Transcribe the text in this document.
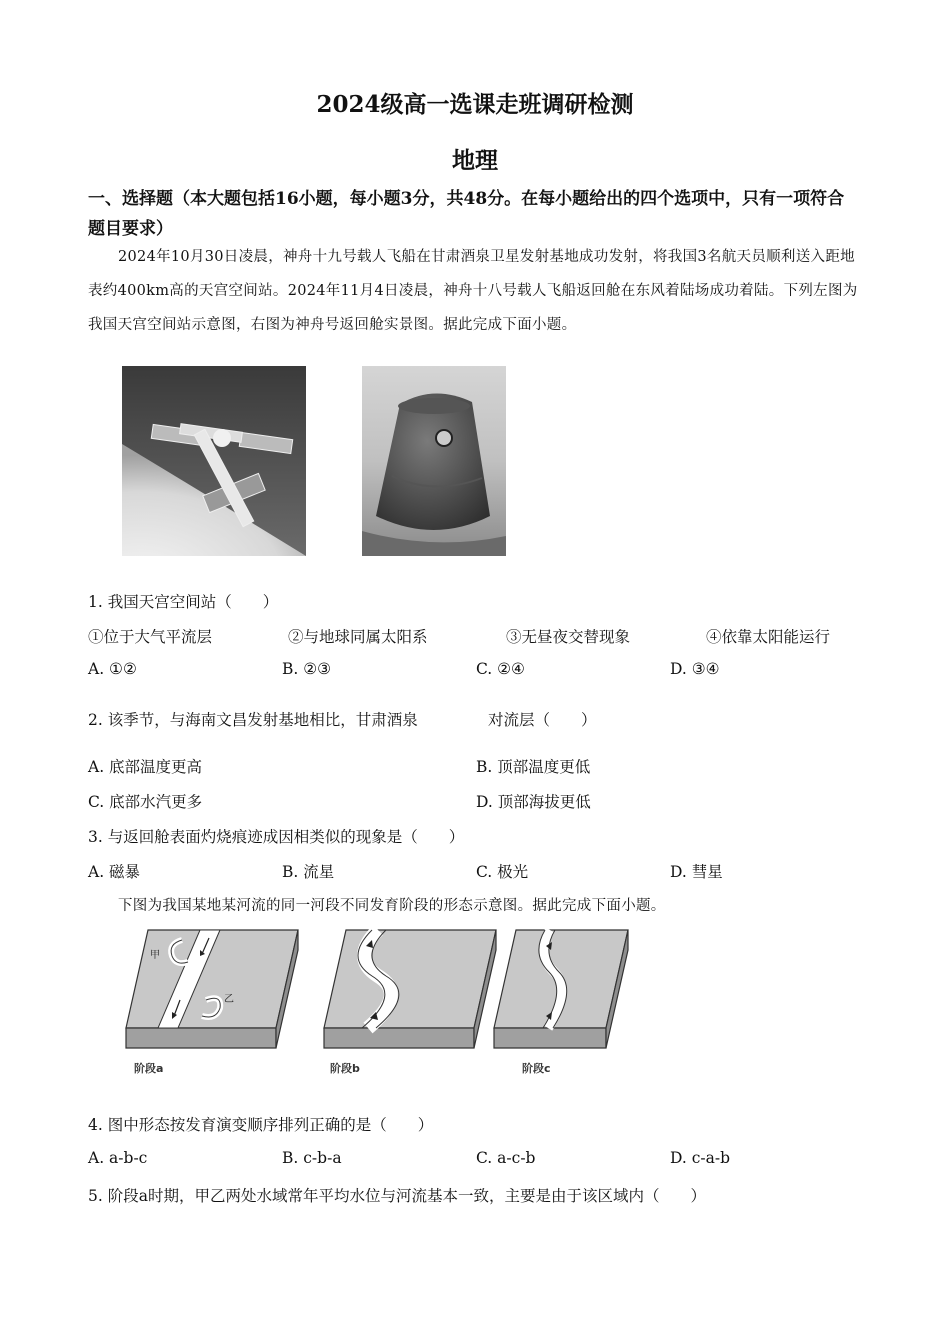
2024级高一选课走班调研检测
地理
一、选择题（本大题包括16小题，每小题3分，共48分。在每小题给出的四个选项中，只有一项符合题目要求）
2024年10月30日凌晨，神舟十九号载人飞船在甘肃酒泉卫星发射基地成功发射，将我国3名航天员顺利送入距地表约400km高的天宫空间站。2024年11月4日凌晨，神舟十八号载人飞船返回舱在东风着陆场成功着陆。下列左图为我国天宫空间站示意图，右图为神舟号返回舱实景图。据此完成下面小题。
1. 我国天宫空间站（　　）
①位于大气平流层	②与地球同属太阳系	③无昼夜交替现象	④依靠太阳能运行
A. ①②	B. ②③	C. ②④	D. ③④
2. 该季节，与海南文昌发射基地相比，甘肃酒泉	对流层（　　）
A. 底部温度更高	B. 顶部温度更低
C. 底部水汽更多	D. 顶部海拔更低
3. 与返回舱表面灼烧痕迹成因相类似的现象是（　　）
A. 磁暴	B. 流星	C. 极光	D. 彗星
下图为我国某地某河流的同一河段不同发育阶段的形态示意图。据此完成下面小题。
甲
乙
阶段a	阶段b	阶段c
4. 图中形态按发育演变顺序排列正确的是（　　）
A. a-b-c	B. c-b-a	C. a-c-b	D. c-a-b
5. 阶段a时期，甲乙两处水域常年平均水位与河流基本一致，主要是由于该区域内（　　）
